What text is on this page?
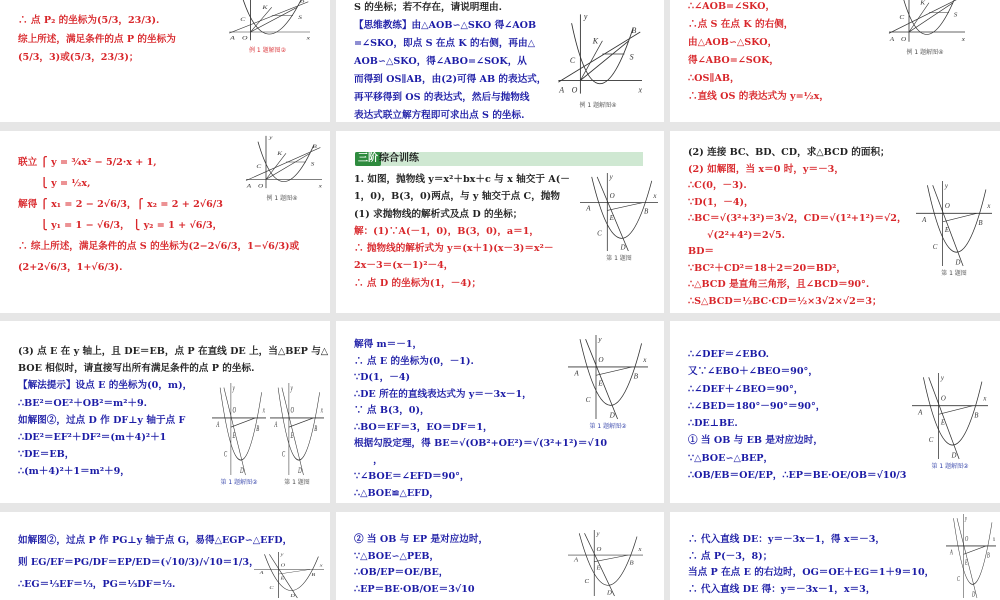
∴ 点 P₂ 的坐标为(5/3，23/3).
综上所述，满足条件的点 P 的坐标为
(5/3，3)或(5/3，23/3)；
x
A O
C
K
B
S
例 1 题解图②
S 的坐标；若不存在，请说明理由.
【思维教练】由△AOB∽△SKO 得∠AOB
=∠SKO，即点 S 在点 K 的右侧，再由△
AOB∽△SKO，得∠ABO=∠SOK，从
而得到 OS∥AB，由(2)可得 AB 的表达式，
再平移得到 OS 的表达式，然后与抛物线
表达式联立解方程即可求出点 S 的坐标.
y
x
A O
C
K
B
S
例 1 题解图④
∴∠AOB=∠SKO，
∴点 S 在点 K 的右侧，
由△AOB∽△SKO，
得∠ABO=∠SOK，
∴OS∥AB，
∴直线 OS 的表达式为 y=½x，
x
A O
C
K
S
例 1 题解图④
联立 ⎧ y = ¾x² − 5/2·x + 1,
　　 ⎩ y = ½x,
解得 ⎧ x₁ = 2 − 2√6/3，⎧ x₂ = 2 + 2√6/3
　　 ⎩ y₁ = 1 − √6/3， ⎩ y₂ = 1 + √6/3，
∴ 综上所述，满足条件的点 S 的坐标为(2−2√6/3，1−√6/3)或
(2+2√6/3，1+√6/3).
y
x
A O
C
K
B
S
例 1 题图④
三阶 综合训练
1. 如图，抛物线 y＝x²＋bx＋c 与 x 轴交于 A(－
1，0)，B(3，0)两点，与 y 轴交于点 C，抛物
(1) 求抛物线的解析式及点 D 的坐标；
解：(1)∵A(－1，0)，B(3，0)，a＝1，
∴ 抛物线的解析式为 y＝(x＋1)(x－3)＝x²－
2x－3＝(x－1)²－4，
∴ 点 D 的坐标为(1，－4)；
y
x
O
A	B
E
C
D
第 1 题图
(2) 连接 BC、BD、CD，求△BCD 的面积；
(2) 如解图，当 x＝0 时，y＝－3，
∴C(0，－3).
∵D(1，－4)，
∴BC＝√(3²+3²)＝3√2，CD＝√(1²+1²)＝√2，
　　√(2²+4²)＝2√5.
BD＝
∵BC²＋CD²＝18＋2＝20＝BD²，
∴△BCD 是直角三角形，且∠BCD＝90°.
∴S△BCD＝½BC·CD＝½×3√2×√2＝3；
y
x
O
A	B
E
C
D
第 1 题图
(3) 点 E 在 y 轴上，且 DE＝EB，点 P 在直线 DE 上，当△BEP 与△
BOE 相似时，请直接写出所有满足条件的点 P 的坐标.
【解法提示】设点 E 的坐标为(0，m)，
∴BE²＝OE²＋OB²＝m²＋9.
如解图②，过点 D 作 DF⊥y 轴于点 F
∴DE²＝EF²＋DF²＝(m＋4)²＋1
∵DE＝EB，
∴(m＋4)²＋1＝m²＋9，
y
x
O
A	B
E
C
D
第 1 题解图②
y
x
O
A	B
E
C
D
第 1 题图
解得 m＝－1，
∴ 点 E 的坐标为(0，－1).
∵D(1，－4)
∴DE 所在的直线表达式为 y＝－3x－1，
∵ 点 B(3，0)，
∴BO＝EF＝3，EO＝DF＝1，
根据勾股定理，得 BE＝√(OB²+OE²)＝√(3²+1²)＝√10
　　，
∵∠BOE＝∠EFD＝90°，
∴△BOE≌△EFD，
y
x
O
A	B
E
C
D
第 1 题解图②
∴∠DEF＝∠EBO.
又∵∠EBO＋∠BEO＝90°，
∴∠DEF＋∠BEO＝90°，
∴∠BED＝180°－90°＝90°，
∴DE⊥BE.
① 当 OB 与 EB 是对应边时，
∵△BOE∽△BEP，
∴OB/EB＝OE/EP，∴EP＝BE·OE/OB＝√10/3
y
x
O
A	B
E
C
D
第 1 题解图②
如解图②，过点 P 作 PG⊥y 轴于点 G，易得△EGP∽△EFD，
则 EG/EF＝PG/DF＝EP/ED＝(√10/3)/√10＝1/3，
∴EG＝⅓EF＝⅓，PG＝⅓DF＝⅓.
y
x
O
A	B
E
C
D
② 当 OB 与 EP 是对应边时，
∵△BOE∽△PEB，
∴OB/EP＝OE/BE，
∴EP＝BE·OB/OE＝3√10
y
x
O
A	B
E
C
D
∴ 代入直线 DE：y＝－3x－1，得 x＝－3，
∴ 点 P(－3，8)；
当点 P 在点 E 的右边时，OG＝OE＋EG＝1＋9＝10，
∴ 代入直线 DE 得：y＝－3x－1，x＝3，
y
x
O
A	B
E
C
D
